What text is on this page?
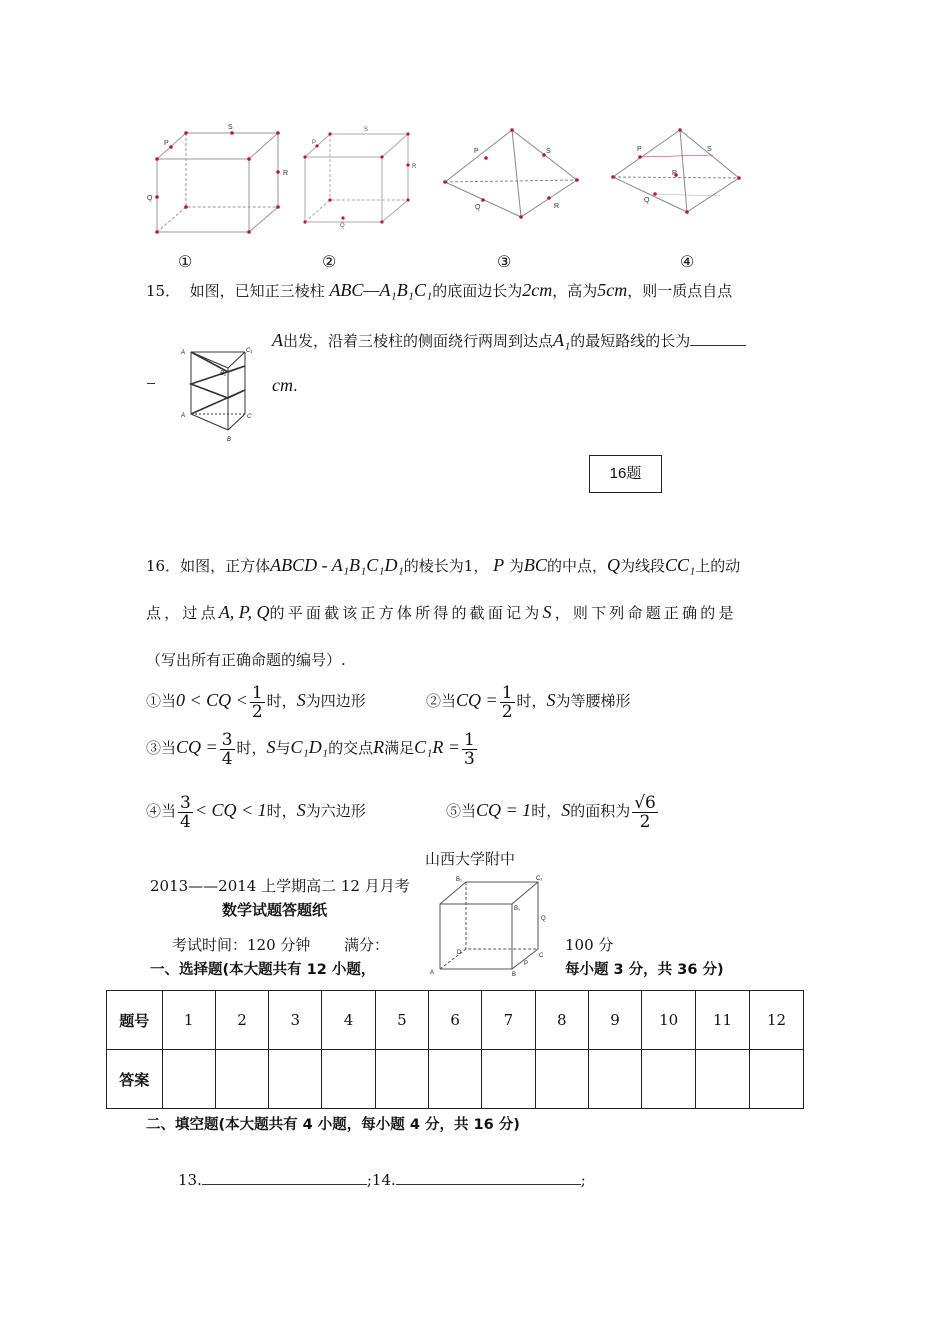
P
S
R
Q
P
S
R
Q
P	S
Q	R
P	S
R
Q
①	②	③	④
15． 如图，已知正三棱柱 ABC—A₁B₁C₁的底面边长为2cm，高为5cm，则一质点自点
A	C₁
B₁
A	C
B
A出发，沿着三棱柱的侧面绕行两周到达点A₁的最短路线的长为
cm.
16题
16．如图，正方体ABCD - A₁B₁C₁D₁的棱长为1， P 为BC的中点，Q为线段CC₁上的动
点，过点A, P, Q的平面截该正方体所得的截面记为S，则下列命题正确的是
（写出所有正确命题的编号）.
①当0 < CQ < $\frac{1}{2}$ 时，S为四边形	②当CQ = $\frac{1}{2}$ 时，S为等腰梯形
③当CQ = $\frac{3}{4}$ 时，S与C₁D₁的交点R满足$C_1R = \frac{1}{3}$
④当 $\frac{3}{4}$ < CQ < 1时，S为六边形	⑤当CQ = 1时，S的面积为 $\frac{√6}{2}$
山西大学附中
2013——2014 上学期高二 12 月月考
数学试题答题纸
B₁	C₁
B₁
Q
D
A	B
P
C
考试时间：120 分钟 满分：	100 分
一、选择题(本大题共有 12 小题，	每小题 3 分，共 36 分)
题号	1	2	3	4	5	6	7	8	9	10	11	12
答案												
二、填空题(本大题共有 4 小题，每小题 4 分，共 16 分)
13.	;14.	;
